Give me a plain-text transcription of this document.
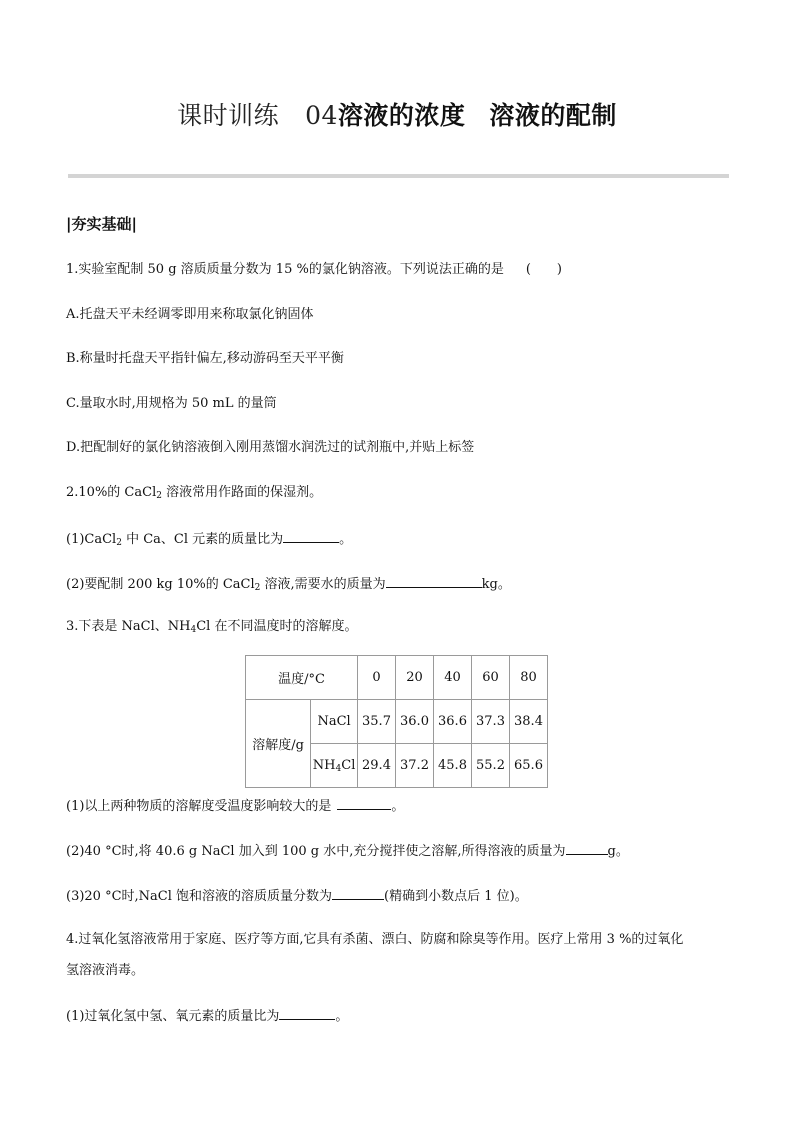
课时训练 04溶液的浓度 溶液的配制
|夯实基础|
1.实验室配制 50 g 溶质质量分数为 15 %的氯化钠溶液。下列说法正确的是 (　　)
A.托盘天平未经调零即用来称取氯化钠固体
B.称量时托盘天平指针偏左,移动游码至天平平衡
C.量取水时,用规格为 50 mL 的量筒
D.把配制好的氯化钠溶液倒入刚用蒸馏水润洗过的试剂瓶中,并贴上标签
2.10%的 CaCl$_2$ 溶液常用作路面的保湿剂。
(1)CaCl$_2$ 中 Ca、Cl 元素的质量比为	。
(2)要配制 200 kg 10%的 CaCl$_2$ 溶液,需要水的质量为	kg。
3.下表是 NaCl、$NH_4Cl$ 在不同温度时的溶解度。
温度/°C		0	20	40	60	80
溶解度/g	NaCl	35.7	36.0	36.6	37.3	38.4
	$NH_4Cl$	29.4	37.2	45.8	55.2	65.6
(1)以上两种物质的溶解度受温度影响较大的是	。
(2)40 °C时,将 40.6 g NaCl 加入到 100 g 水中,充分搅拌使之溶解,所得溶液的质量为	g。
(3)20 °C时,NaCl 饱和溶液的溶质质量分数为	(精确到小数点后 1 位)。
4.过氧化氢溶液常用于家庭、医疗等方面,它具有杀菌、漂白、防腐和除臭等作用。医疗上常用 3 %的过氧化
氢溶液消毒。
(1)过氧化氢中氢、氧元素的质量比为	。
